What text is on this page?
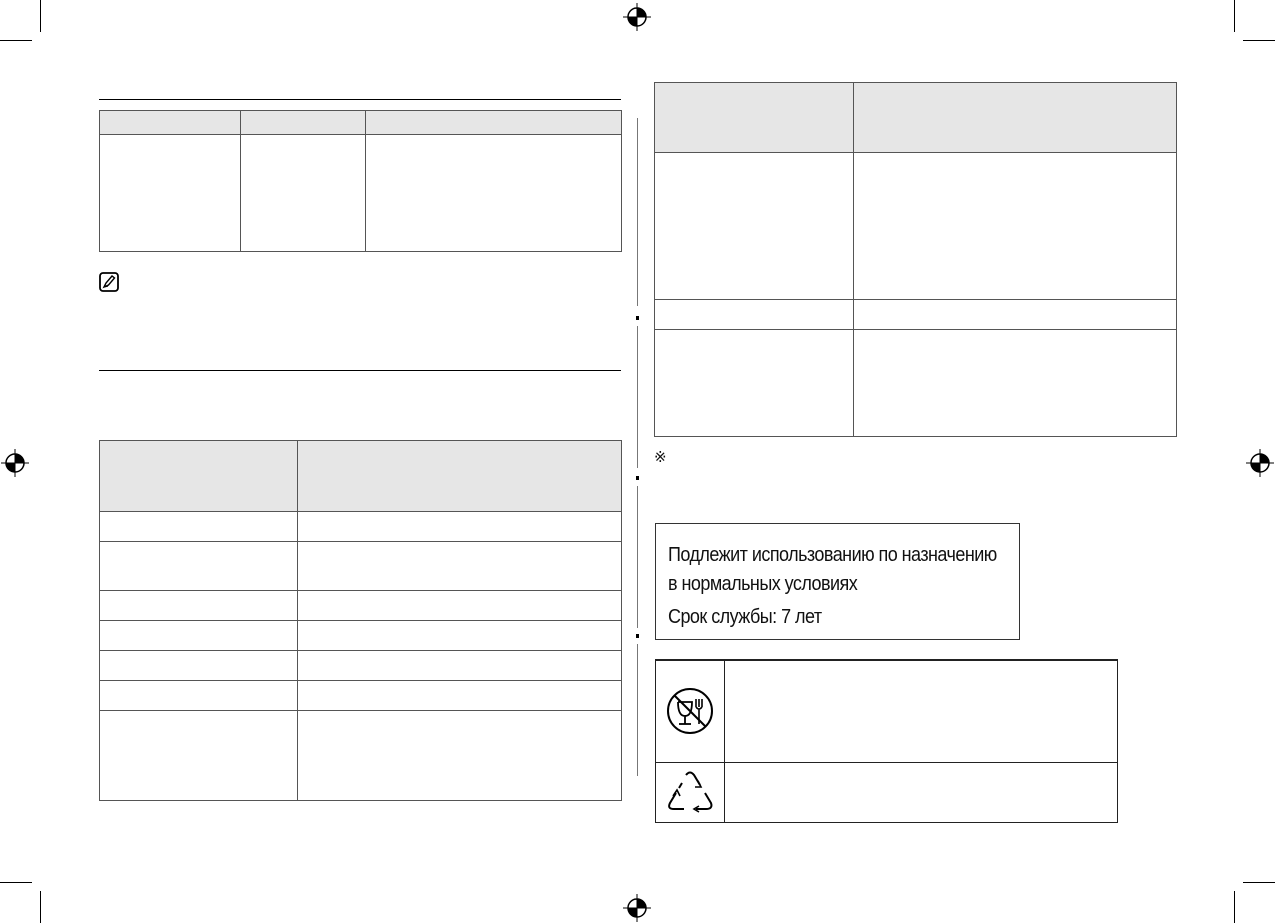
※
Подлежит использованию по назначению
в нормальных условиях
Срок службы: 7 лет
